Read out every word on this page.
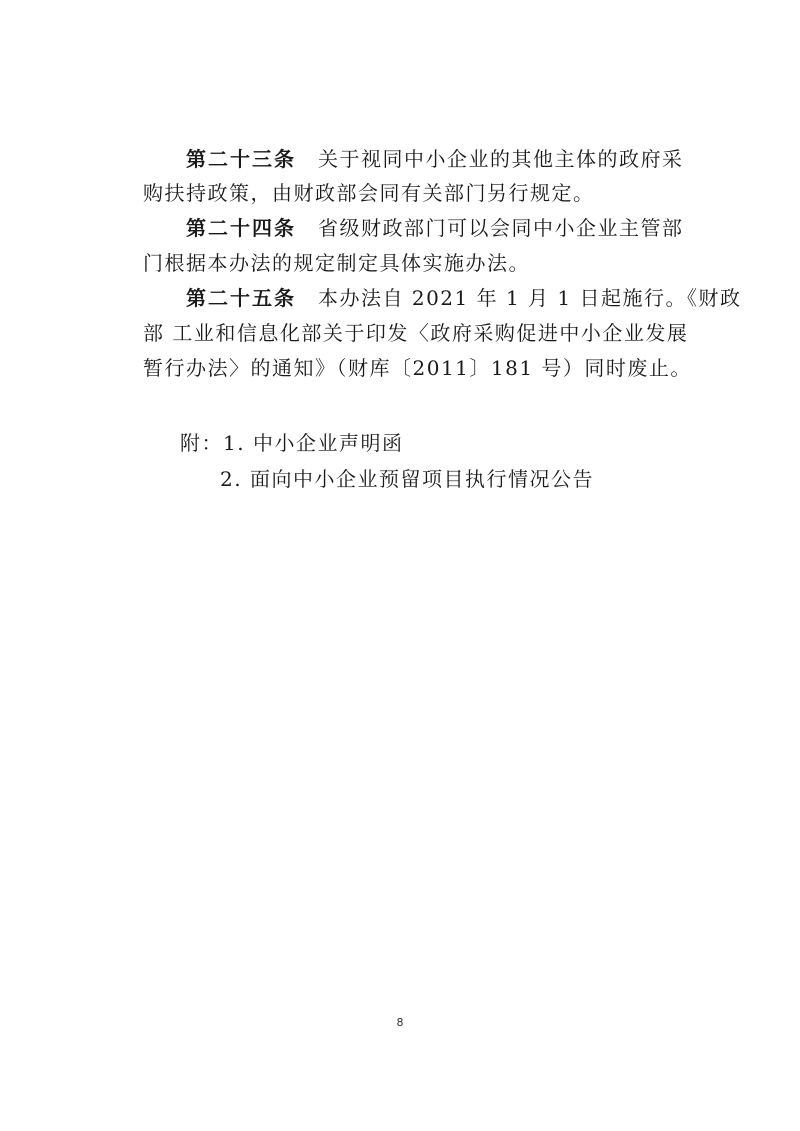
第二十三条 关于视同中小企业的其他主体的政府采
购扶持政策，由财政部会同有关部门另行规定。
第二十四条 省级财政部门可以会同中小企业主管部
门根据本办法的规定制定具体实施办法。
第二十五条 本办法自 2021 年 1 月 1 日起施行。《财政
部 工业和信息化部关于印发〈政府采购促进中小企业发展
暂行办法〉的通知》（财库〔2011〕181 号）同时废止。
附：1. 中小企业声明函
2. 面向中小企业预留项目执行情况公告
8
